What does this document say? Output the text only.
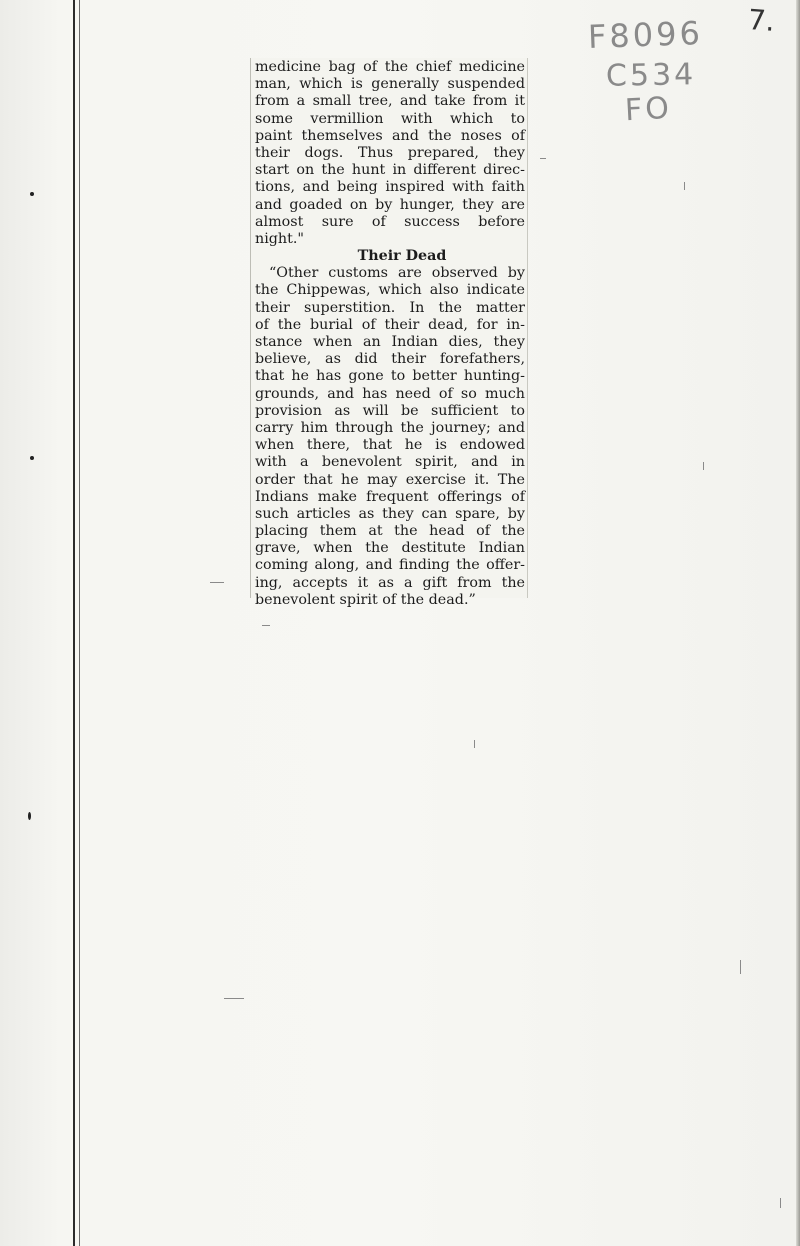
F8096
C534
FO
7.
medicine bag of the chief medicine
man, which is generally suspended
from a small tree, and take from it
some vermillion with which to
paint themselves and the noses of
their dogs. Thus prepared, they
start on the hunt in different direc-
tions, and being inspired with faith
and goaded on by hunger, they are
almost sure of success before
night."
Their Dead
“Other customs are observed by
the Chippewas, which also indicate
their superstition. In the matter
of the burial of their dead, for in-
stance when an Indian dies, they
believe, as did their forefathers,
that he has gone to better hunting-
grounds, and has need of so much
provision as will be sufficient to
carry him through the journey; and
when there, that he is endowed
with a benevolent spirit, and in
order that he may exercise it. The
Indians make frequent offerings of
such articles as they can spare, by
placing them at the head of the
grave, when the destitute Indian
coming along, and finding the offer-
ing, accepts it as a gift from the
benevolent spirit of the dead.”
